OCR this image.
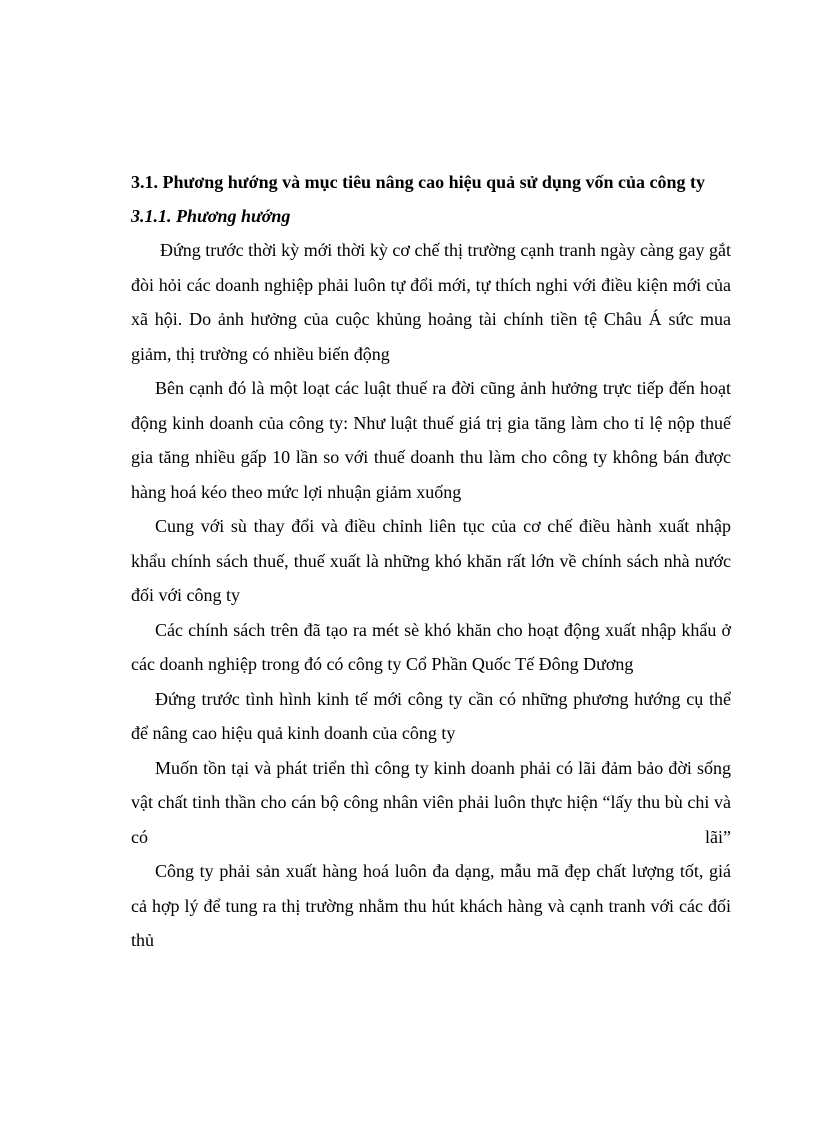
3.1. Phương hướng và mục tiêu nâng cao hiệu quả sử dụng vốn của công ty

3.1.1. Phương hướng

Đứng trước thời kỳ mới thời kỳ cơ chế thị trường cạnh tranh ngày càng gay gắt đòi hỏi các doanh nghiệp phải luôn tự đổi mới, tự thích nghi với điều kiện mới của xã hội. Do ảnh hưởng của cuộc khủng hoảng tài chính tiền tệ Châu Á sức mua giảm, thị trường có nhiều biến động

Bên cạnh đó là một loạt các luật thuế ra đời cũng ảnh hưởng trực tiếp đến hoạt động kinh doanh của công ty: Như luật thuế giá trị gia tăng làm cho tỉ lệ nộp thuế gia tăng nhiều gấp 10 lần so với thuế doanh thu làm cho công ty không bán được hàng hoá kéo theo mức lợi nhuận giảm xuống

Cung với sù thay đổi và điều chỉnh liên tục của cơ chế điều hành xuất nhập khẩu chính sách thuế, thuế xuất là những khó khăn rất lớn về chính sách nhà nước đối với công ty

Các chính sách trên đã tạo ra mét sè khó khăn cho hoạt động xuất nhập khẩu ở các doanh nghiệp trong đó có công ty Cổ Phần Quốc Tế Đông Dương

Đứng trước tình hình kinh tế mới công ty cần có những phương hướng cụ thể để nâng cao hiệu quả kinh doanh của công ty

Muốn tồn tại và phát triển thì công ty kinh doanh phải có lãi đảm bảo đời sống vật chất tinh thần cho cán bộ công nhân viên phải luôn thực hiện “lấy thu bù chi và có lãi”

Công ty phải sản xuất hàng hoá luôn đa dạng, mẫu mã đẹp chất lượng tốt, giá cả hợp lý để tung ra thị trường nhằm thu hút khách hàng và cạnh tranh với các đối thủ
